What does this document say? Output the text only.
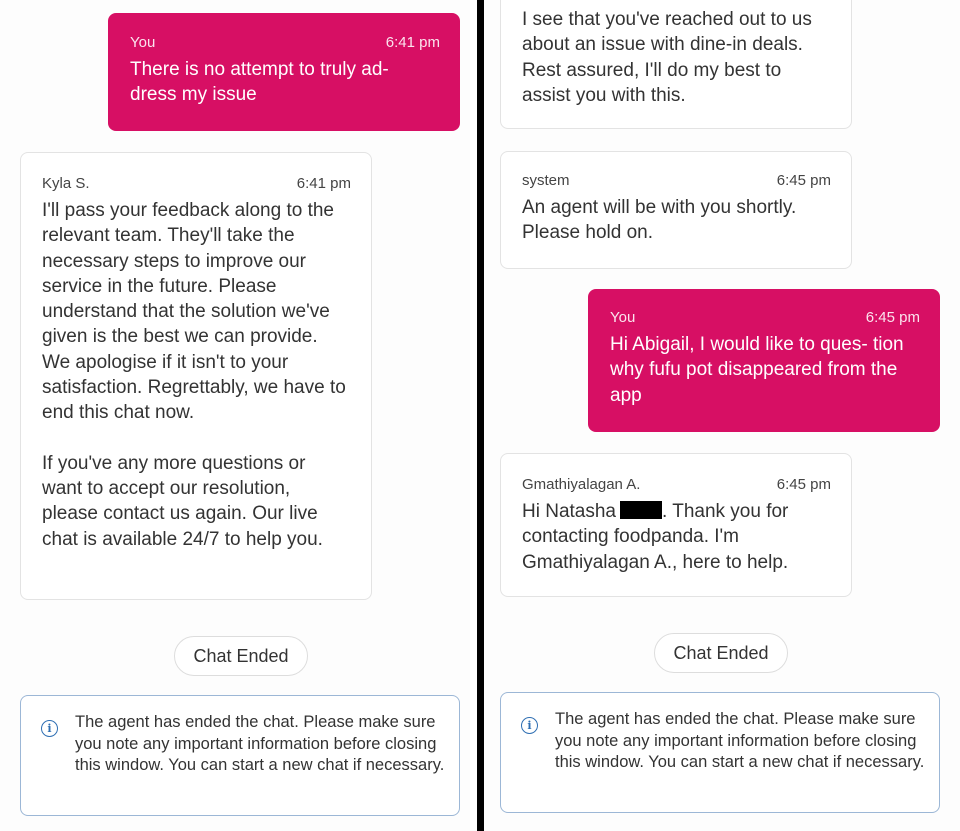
You	6:41 pm
There is no attempt to truly ad- dress my issue
Kyla S.	6:41 pm

I'll pass your feedback along to the relevant team. They'll take the necessary steps to improve our service in the future. Please understand that the solution we've given is the best we can provide. We apologise if it isn't to your satisfaction. Regrettably, we have to end this chat now.

If you've any more questions or want to accept our resolution, please contact us again. Our live chat is available 24/7 to help you.

Chat Ended
i	The agent has ended the chat. Please make sure you note any important information before closing this window. You can start a new chat if necessary.
I see that you've reached out to us about an issue with dine-in deals. Rest assured, I'll do my best to assist you with this.
system	6:45 pm
An agent will be with you shortly. Please hold on.
You	6:45 pm
Hi Abigail, I would like to ques- tion why fufu pot disappeared from the app
Gmathiyalagan A.	6:45 pm
Hi Natasha . Thank you for contacting foodpanda. I'm Gmathiyalagan A., here to help.
Chat Ended
i	The agent has ended the chat. Please make sure you note any important information before closing this window. You can start a new chat if necessary.
